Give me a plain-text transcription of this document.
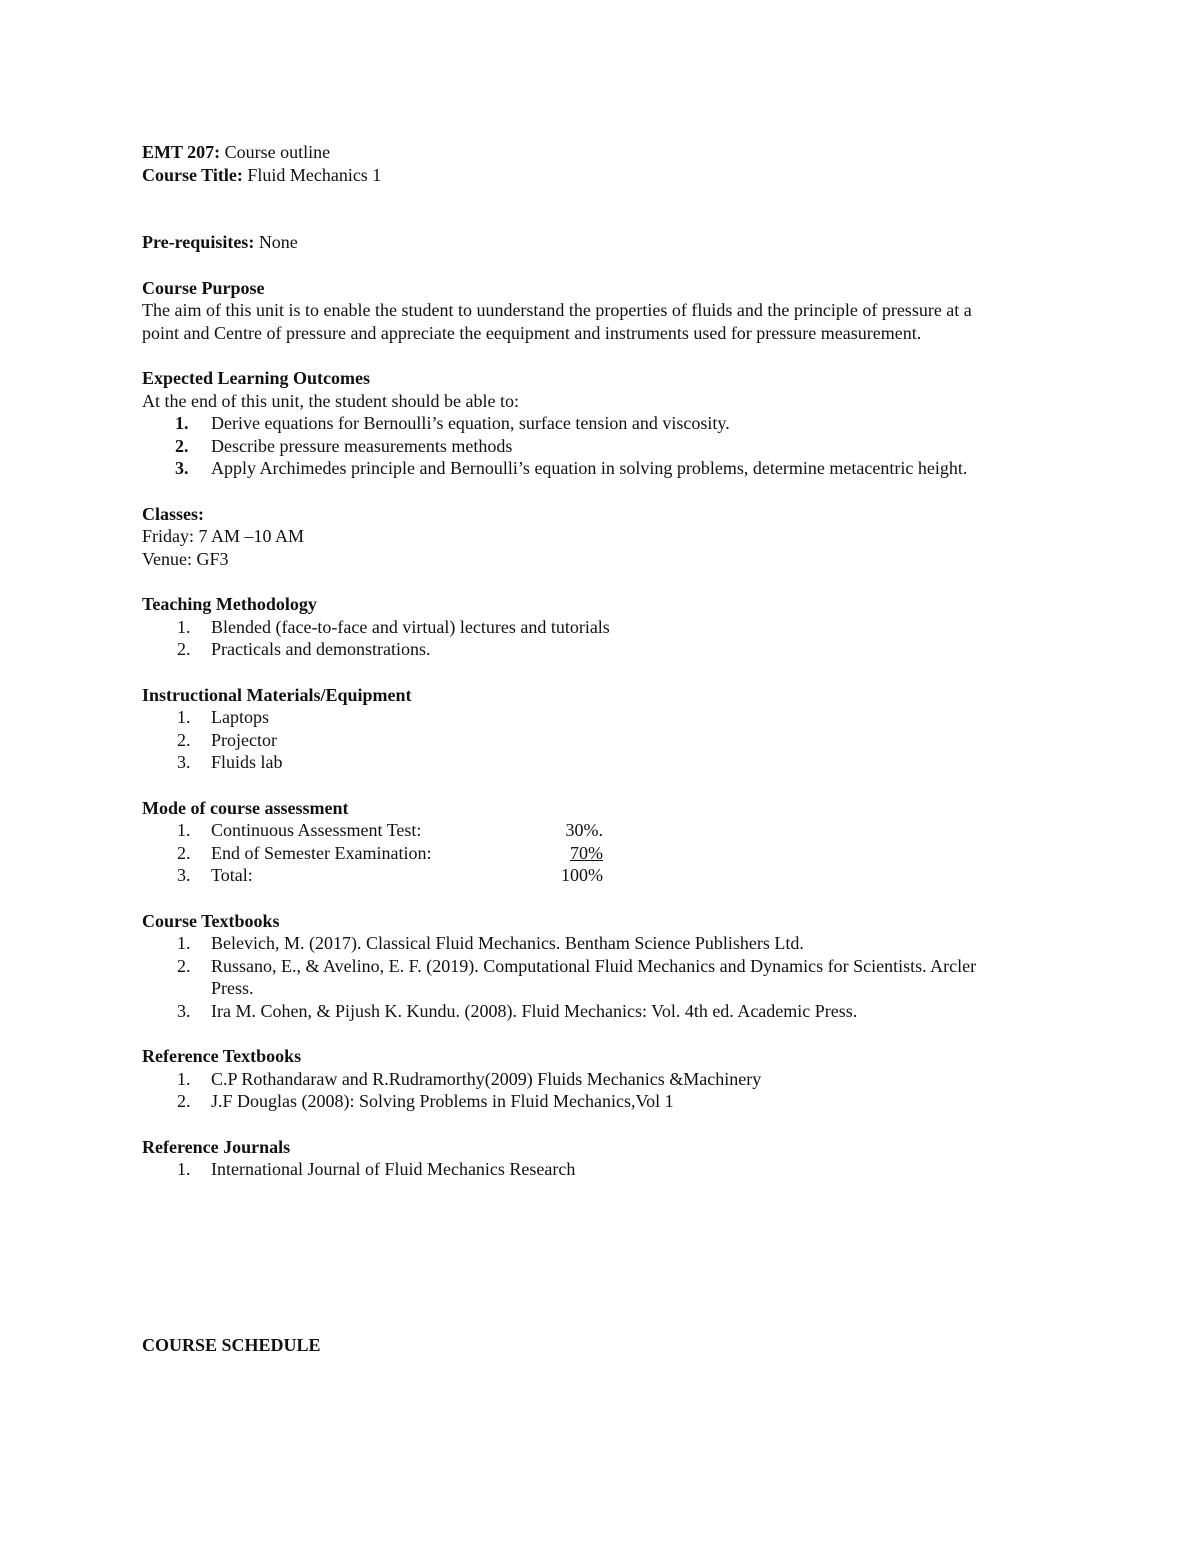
EMT 207: Course outline

Course Title: Fluid Mechanics 1

Pre-requisites: None

Course Purpose

The aim of this unit is to enable the student to uunderstand the properties of fluids and the principle of pressure at a

point and Centre of pressure and appreciate the eequipment and instruments used for pressure measurement.

Expected Learning Outcomes

At the end of this unit, the student should be able to:

1. Derive equations for Bernoulli’s equation, surface tension and viscosity.
2. Describe pressure measurements methods
3. Apply Archimedes principle and Bernoulli’s equation in solving problems, determine metacentric height.

Classes:

Friday: 7 AM –10 AM

Venue: GF3

Teaching Methodology

1. Blended (face-to-face and virtual) lectures and tutorials
2. Practicals and demonstrations.

Instructional Materials/Equipment

1. Laptops
2. Projector
3. Fluids lab

Mode of course assessment

1. Continuous Assessment Test:	30%.
2. End of Semester Examination:	70%
3. Total:	100%

Course Textbooks

1. Belevich, M. (2017). Classical Fluid Mechanics. Bentham Science Publishers Ltd.
2. Russano, E., & Avelino, E. F. (2019). Computational Fluid Mechanics and Dynamics for Scientists. Arcler
Press.
3. Ira M. Cohen, & Pijush K. Kundu. (2008). Fluid Mechanics: Vol. 4th ed. Academic Press.

Reference Textbooks

1. C.P Rothandaraw and R.Rudramorthy(2009) Fluids Mechanics &Machinery
2. J.F Douglas (2008): Solving Problems in Fluid Mechanics,Vol 1

Reference Journals

1. International Journal of Fluid Mechanics Research
COURSE SCHEDULE
